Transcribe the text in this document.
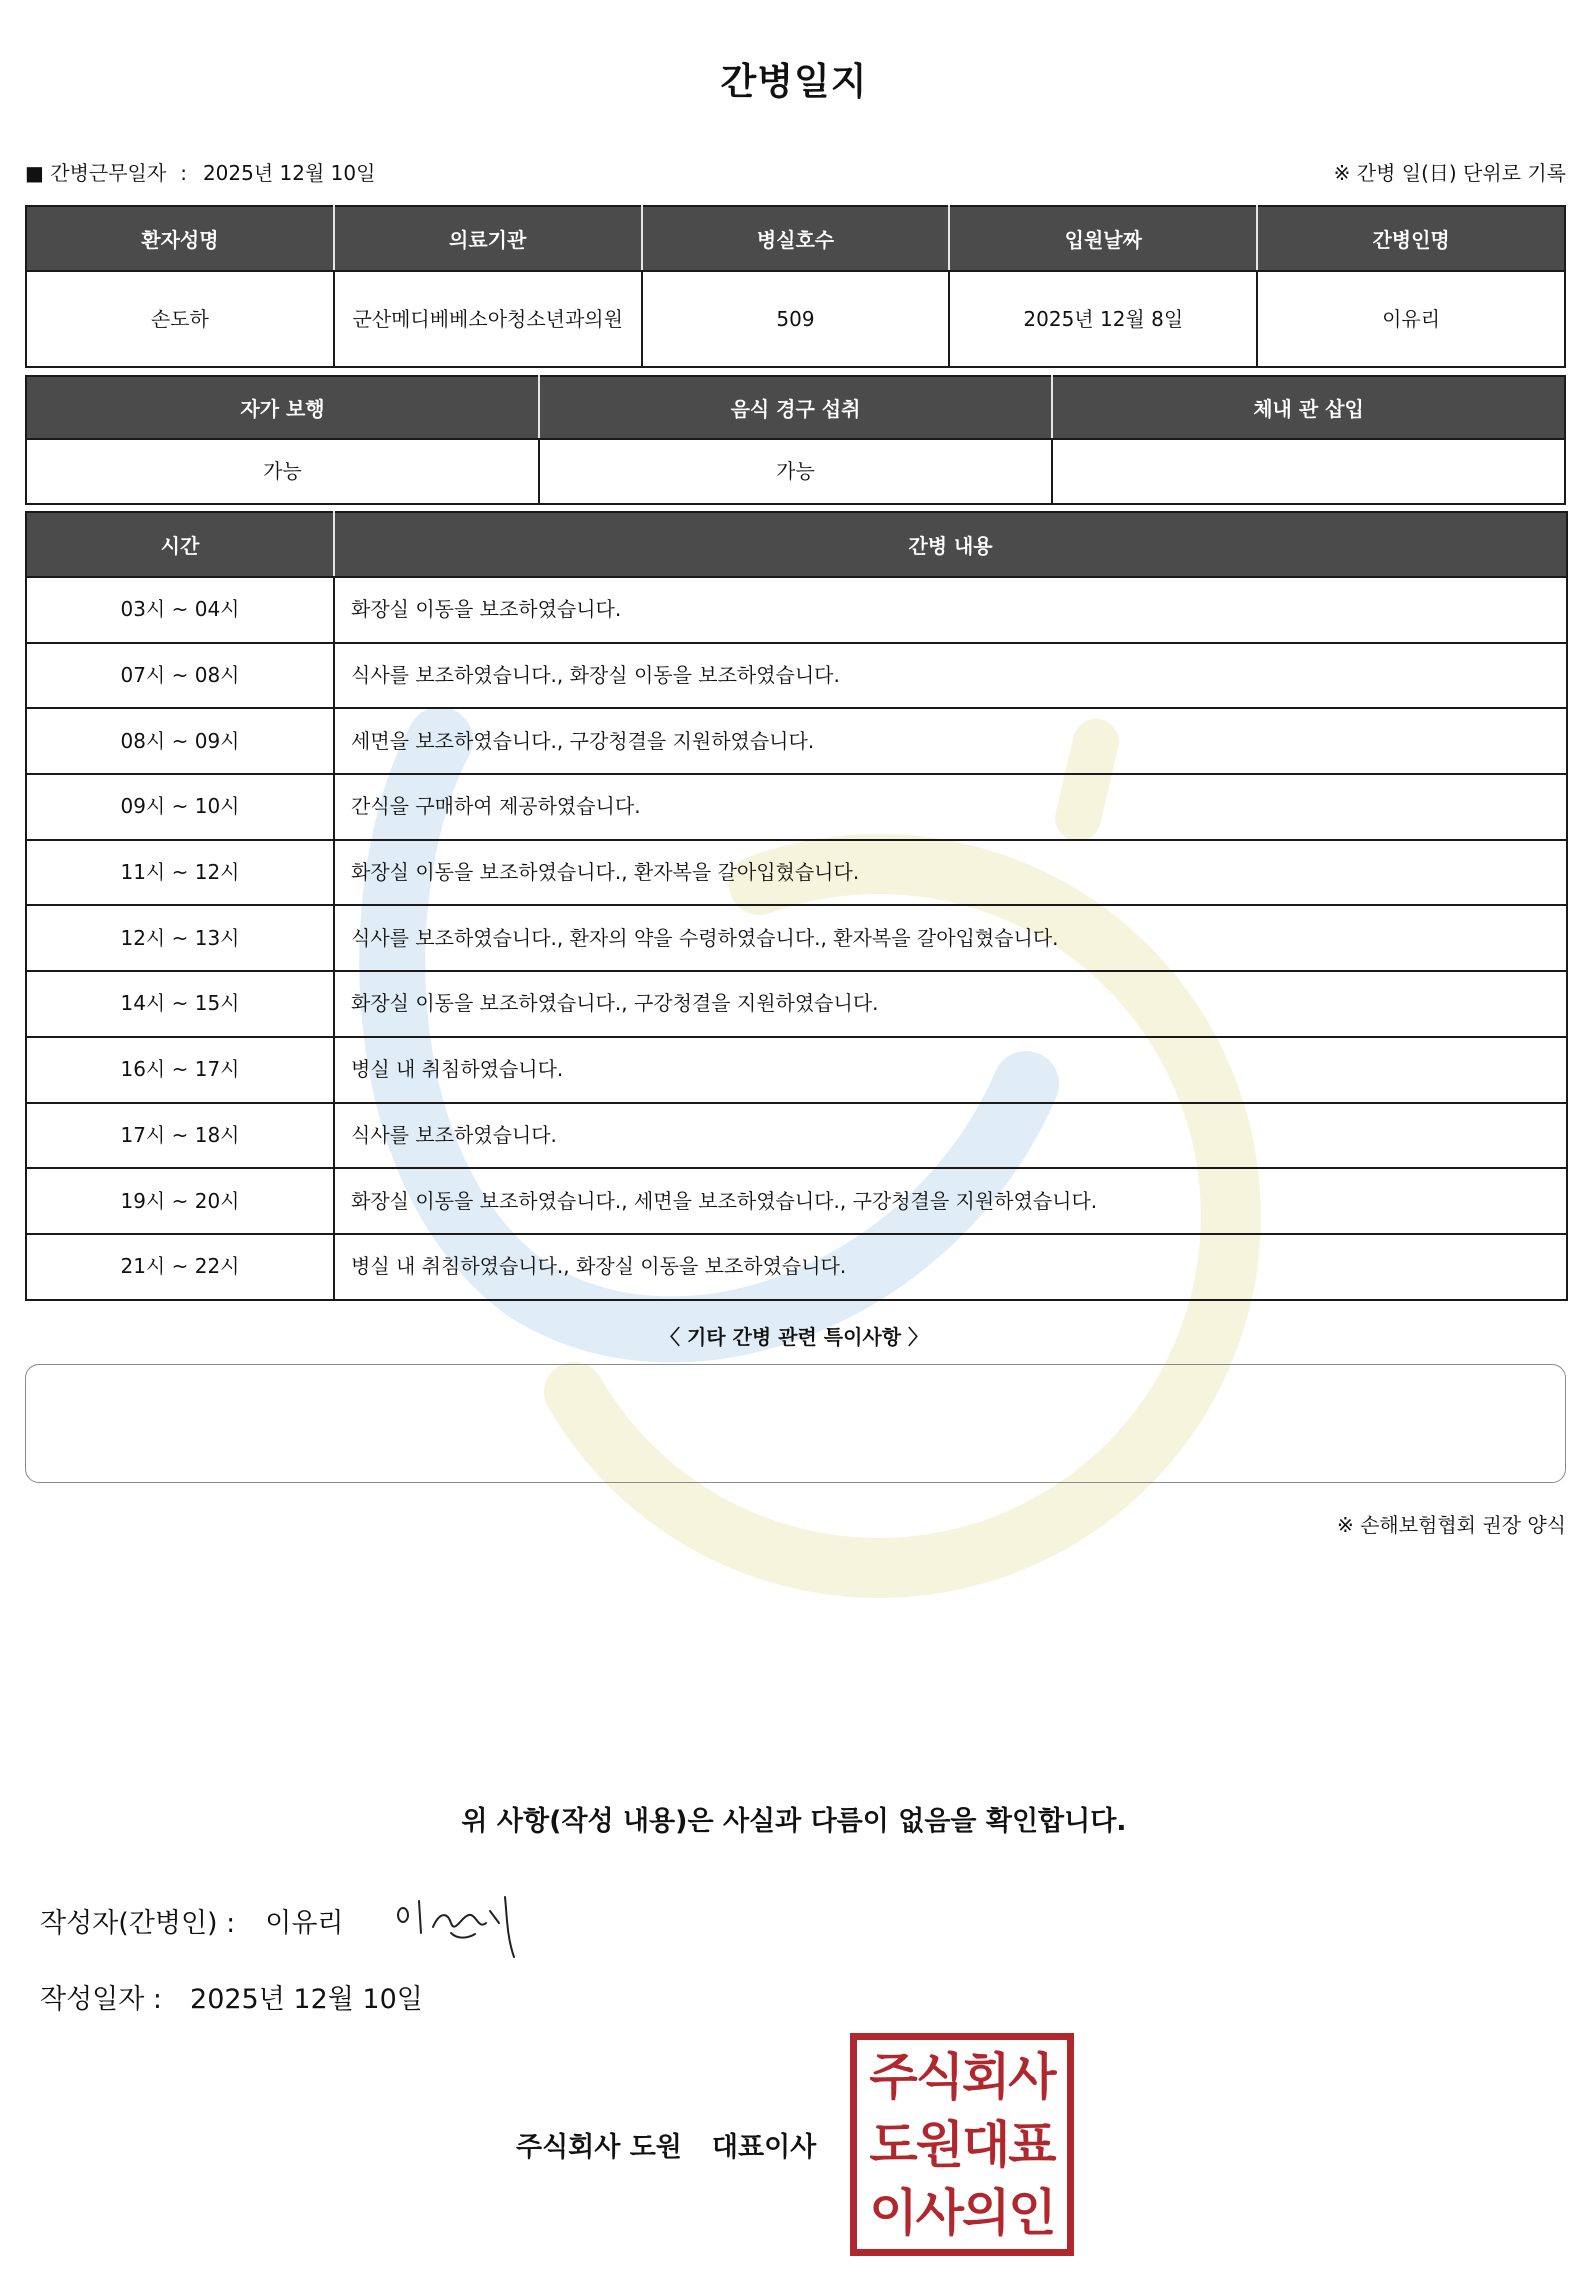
간병일지
■ 간병근무일자 : 2025년 12월 10일	※ 간병 일(日) 단위로 기록
환자성명	의료기관	병실호수	입원날짜	간병인명
손도하	군산메디베베소아청소년과의원	509	2025년 12월 8일	이유리
자가 보행	음식 경구 섭취	체내 관 삽입
가능	가능	
시간	간병 내용
03시 ~ 04시	화장실 이동을 보조하였습니다.
07시 ~ 08시	식사를 보조하였습니다., 화장실 이동을 보조하였습니다.
08시 ~ 09시	세면을 보조하였습니다., 구강청결을 지원하였습니다.
09시 ~ 10시	간식을 구매하여 제공하였습니다.
11시 ~ 12시	화장실 이동을 보조하였습니다., 환자복을 갈아입혔습니다.
12시 ~ 13시	식사를 보조하였습니다., 환자의 약을 수령하였습니다., 환자복을 갈아입혔습니다.
14시 ~ 15시	화장실 이동을 보조하였습니다., 구강청결을 지원하였습니다.
16시 ~ 17시	병실 내 취침하였습니다.
17시 ~ 18시	식사를 보조하였습니다.
19시 ~ 20시	화장실 이동을 보조하였습니다., 세면을 보조하였습니다., 구강청결을 지원하였습니다.
21시 ~ 22시	병실 내 취침하였습니다., 화장실 이동을 보조하였습니다.
〈 기타 간병 관련 특이사항 〉
※ 손해보험협회 권장 양식
위 사항(작성 내용)은 사실과 다름이 없음을 확인합니다.
작성자(간병인) : 이유리
작성일자 : 2025년 12월 10일
주식회사 도원 대표이사
주식회사
도원대표
이사의인
